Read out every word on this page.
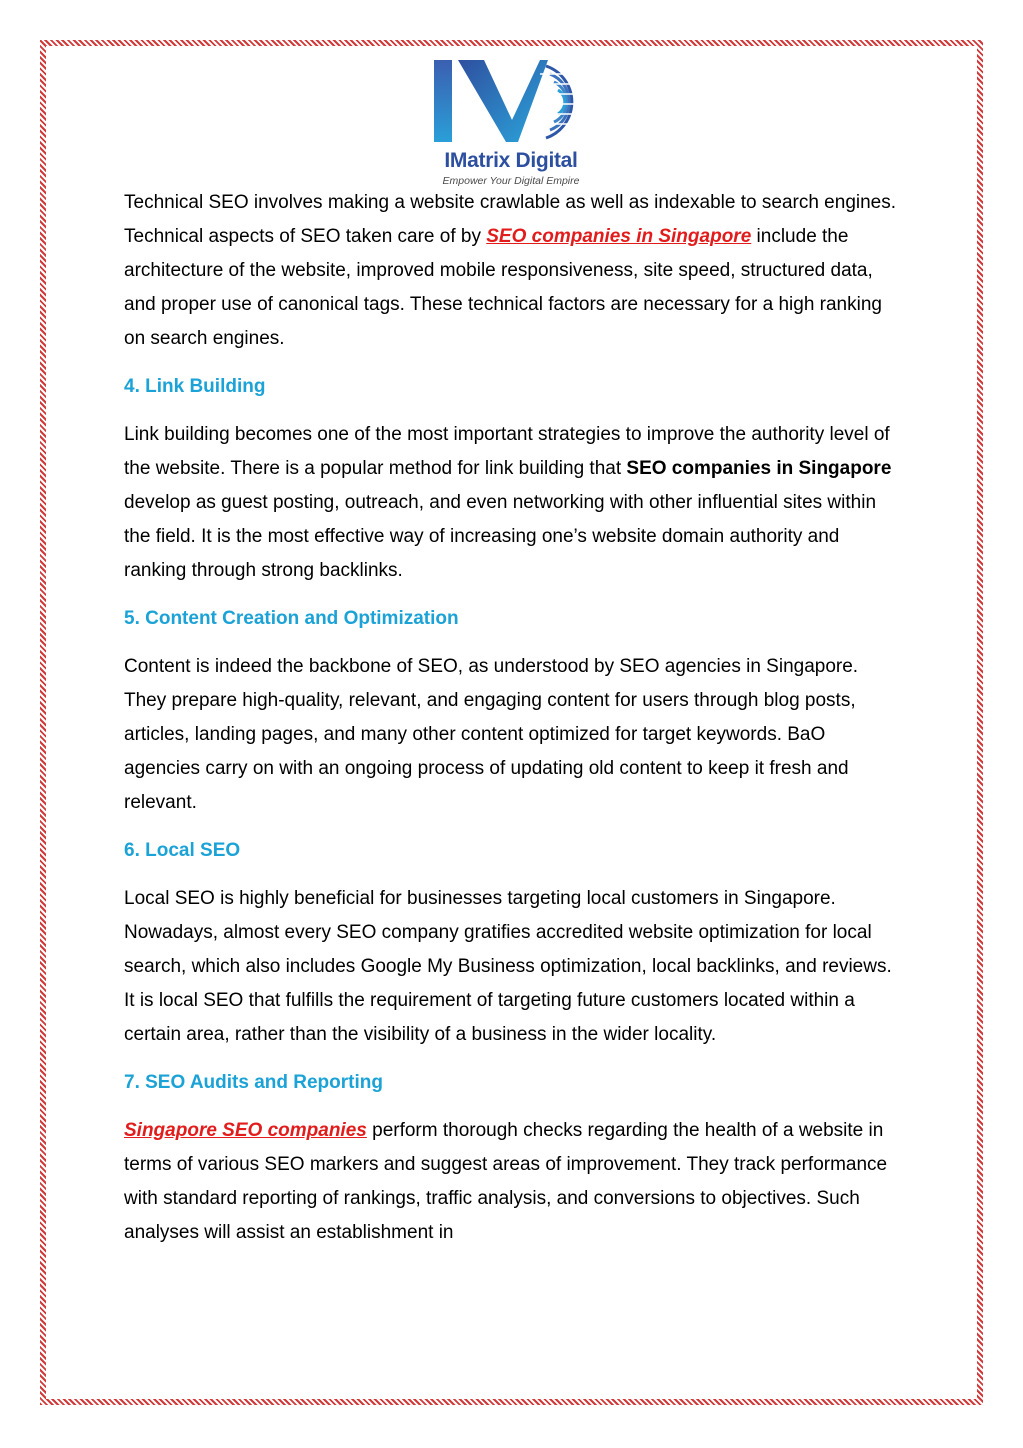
IMatrix Digital
Empower Your Digital Empire

Technical SEO involves making a website crawlable as well as indexable to search engines. Technical aspects of SEO taken care of by SEO companies in Singapore include the architecture of the website, improved mobile responsiveness, site speed, structured data, and proper use of canonical tags. These technical factors are necessary for a high ranking on search engines.

4. Link Building

Link building becomes one of the most important strategies to improve the authority level of the website. There is a popular method for link building that SEO companies in Singapore develop as guest posting, outreach, and even networking with other influential sites within the field. It is the most effective way of increasing one’s website domain authority and ranking through strong backlinks.

5. Content Creation and Optimization

Content is indeed the backbone of SEO, as understood by SEO agencies in Singapore. They prepare high-quality, relevant, and engaging content for users through blog posts, articles, landing pages, and many other content optimized for target keywords. BaO agencies carry on with an ongoing process of updating old content to keep it fresh and relevant.

6. Local SEO

Local SEO is highly beneficial for businesses targeting local customers in Singapore. Nowadays, almost every SEO company gratifies accredited website optimization for local search, which also includes Google My Business optimization, local backlinks, and reviews. It is local SEO that fulfills the requirement of targeting future customers located within a certain area, rather than the visibility of a business in the wider locality.

7. SEO Audits and Reporting

Singapore SEO companies perform thorough checks regarding the health of a website in terms of various SEO markers and suggest areas of improvement. They track performance with standard reporting of rankings, traffic analysis, and conversions to objectives. Such analyses will assist an establishment in
